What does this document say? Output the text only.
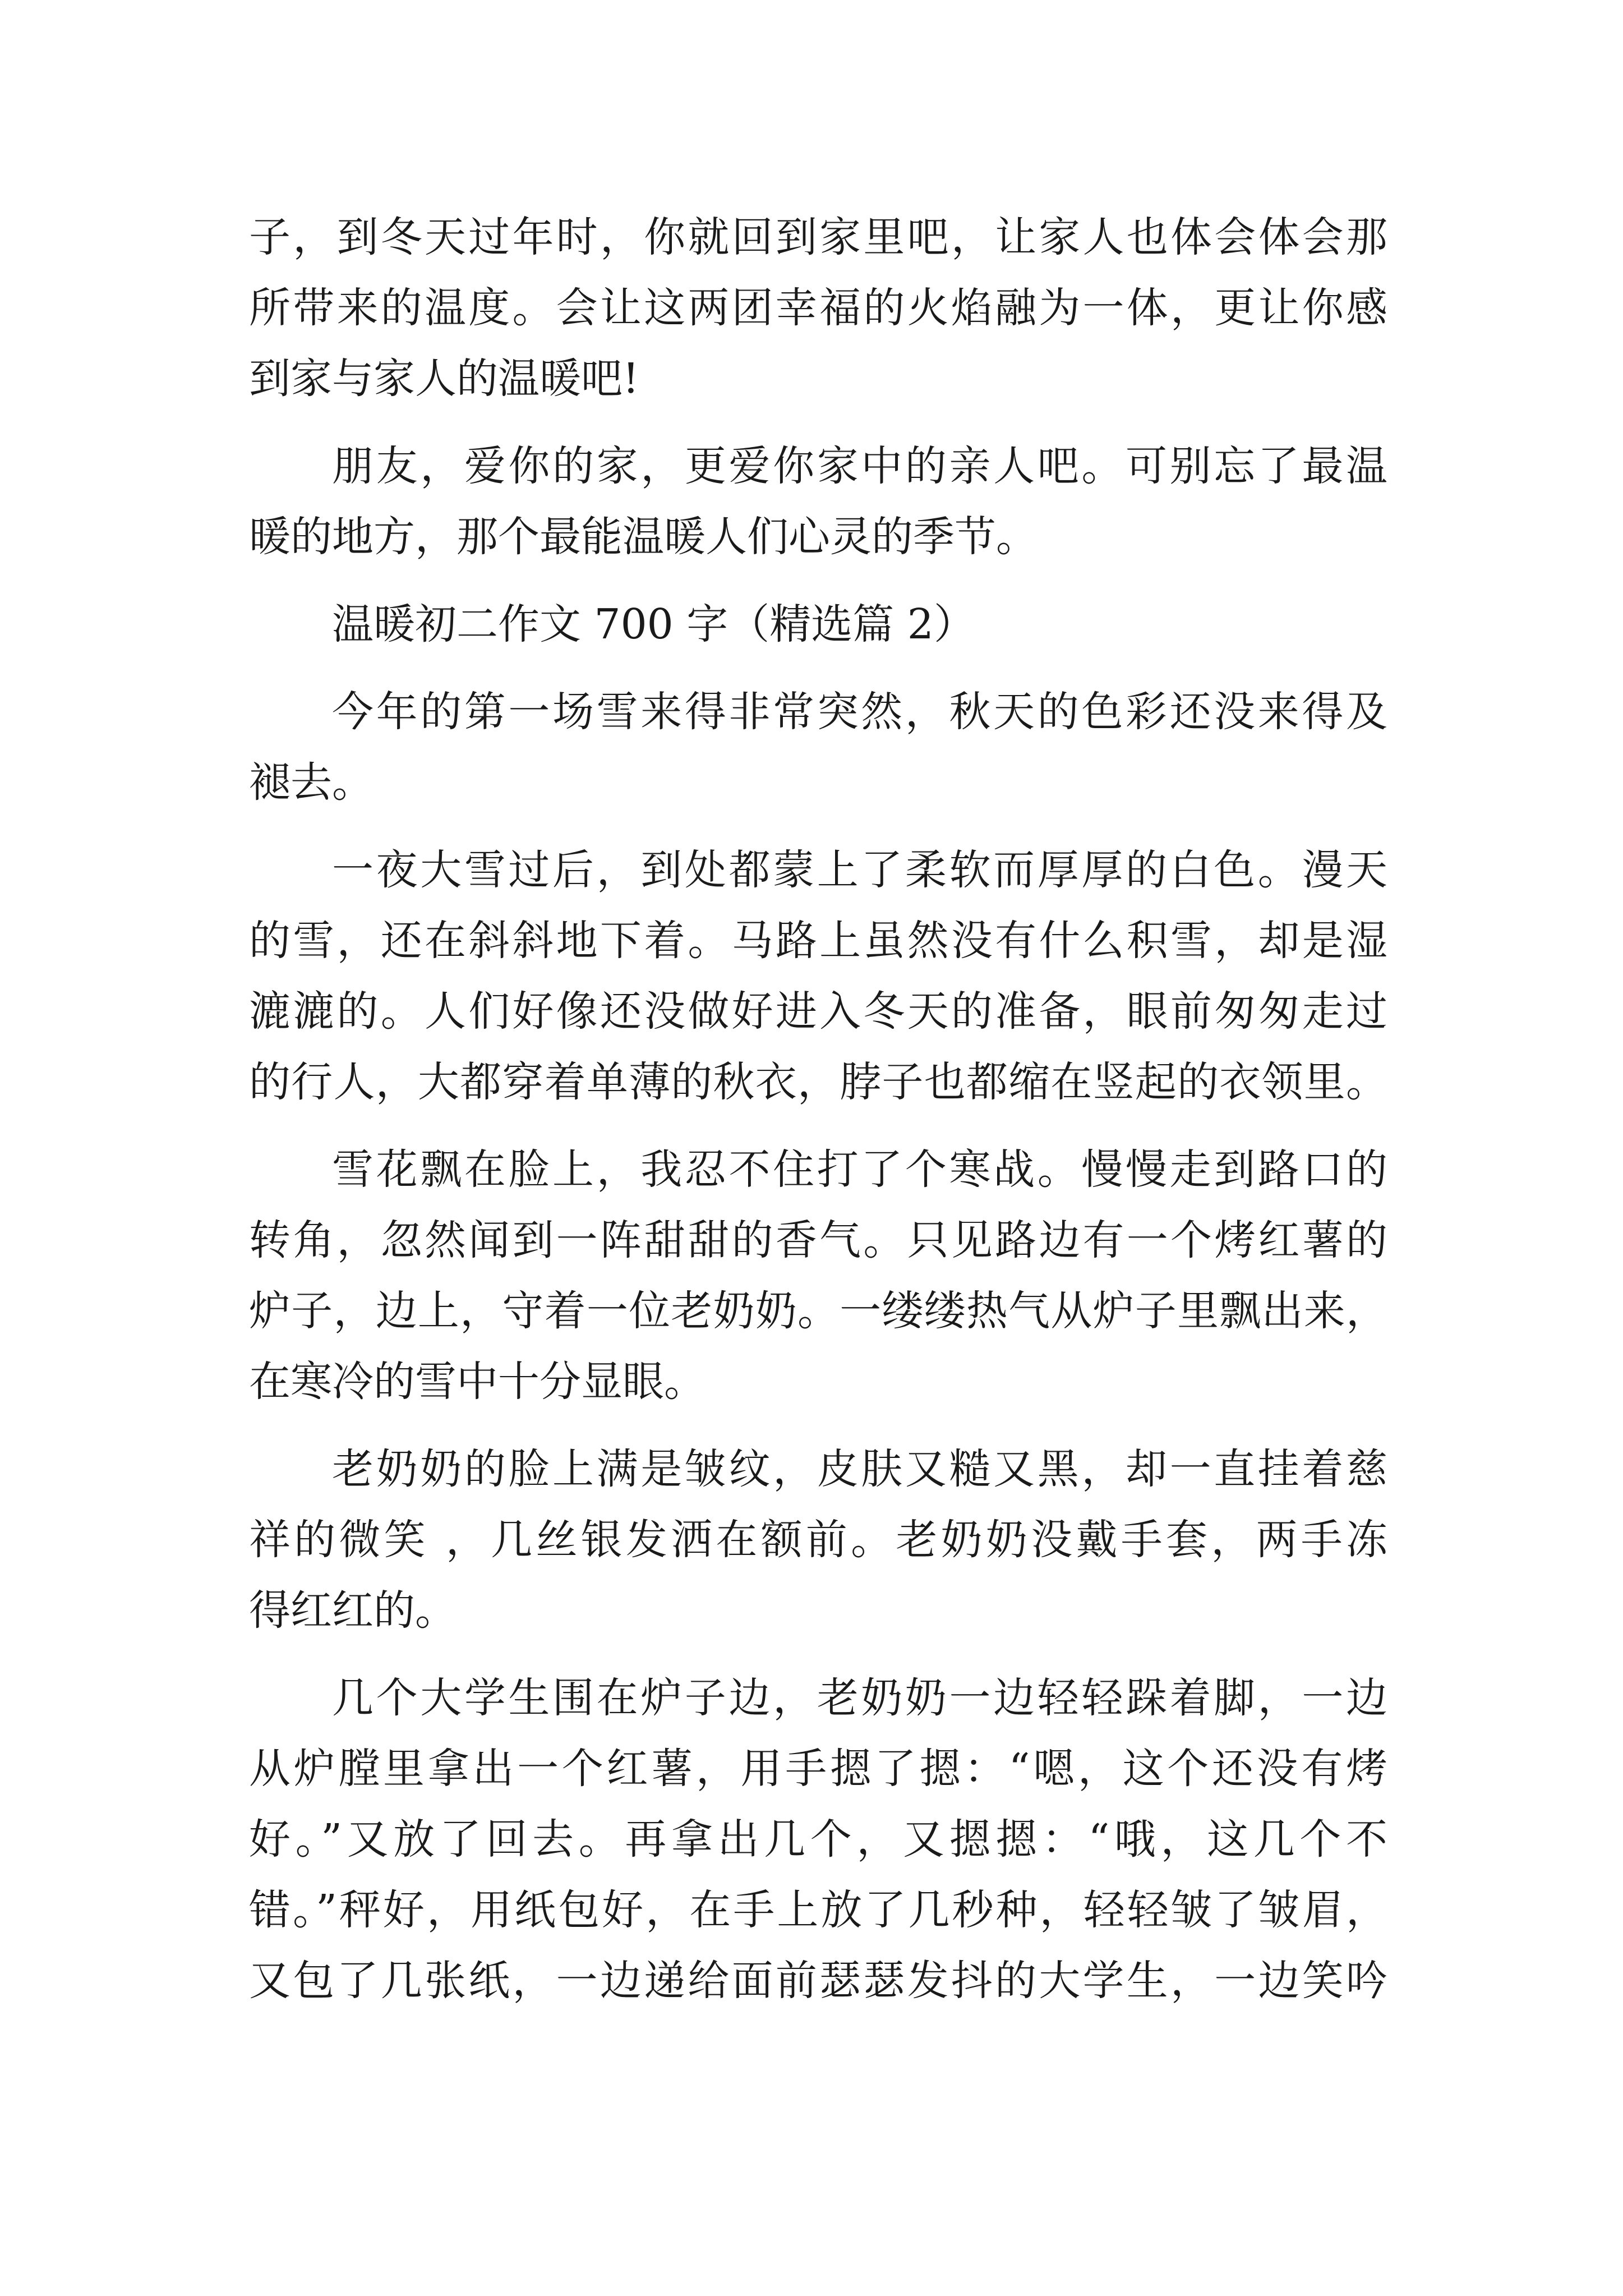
子，到冬天过年时，你就回到家里吧，让家人也体会体会那
所带来的温度。会让这两团幸福的火焰融为一体，更让你感
到家与家人的温暖吧!
朋友，爱你的家，更爱你家中的亲人吧。可别忘了最温
暖的地方，那个最能温暖人们心灵的季节。
温暖初二作文 700 字（精选篇 2）
今年的第一场雪来得非常突然，秋天的色彩还没来得及
褪去。
一夜大雪过后，到处都蒙上了柔软而厚厚的白色。漫天
的雪，还在斜斜地下着。马路上虽然没有什么积雪，却是湿
漉漉的。人们好像还没做好进入冬天的准备，眼前匆匆走过
的行人，大都穿着单薄的秋衣，脖子也都缩在竖起的衣领里。
雪花飘在脸上，我忍不住打了个寒战。慢慢走到路口的
转角，忽然闻到一阵甜甜的香气。只见路边有一个烤红薯的
炉子，边上，守着一位老奶奶。一缕缕热气从炉子里飘出来，
在寒冷的雪中十分显眼。
老奶奶的脸上满是皱纹，皮肤又糙又黑，却一直挂着慈
祥的微笑 ，几丝银发洒在额前。老奶奶没戴手套，两手冻
得红红的。
几个大学生围在炉子边，老奶奶一边轻轻跺着脚，一边
从炉膛里拿出一个红薯，用手摁了摁：“嗯，这个还没有烤
好。”又放了回去。再拿出几个，又摁摁：“哦，这几个不
错。”秤好，用纸包好，在手上放了几秒种，轻轻皱了皱眉，
又包了几张纸，一边递给面前瑟瑟发抖的大学生，一边笑吟
